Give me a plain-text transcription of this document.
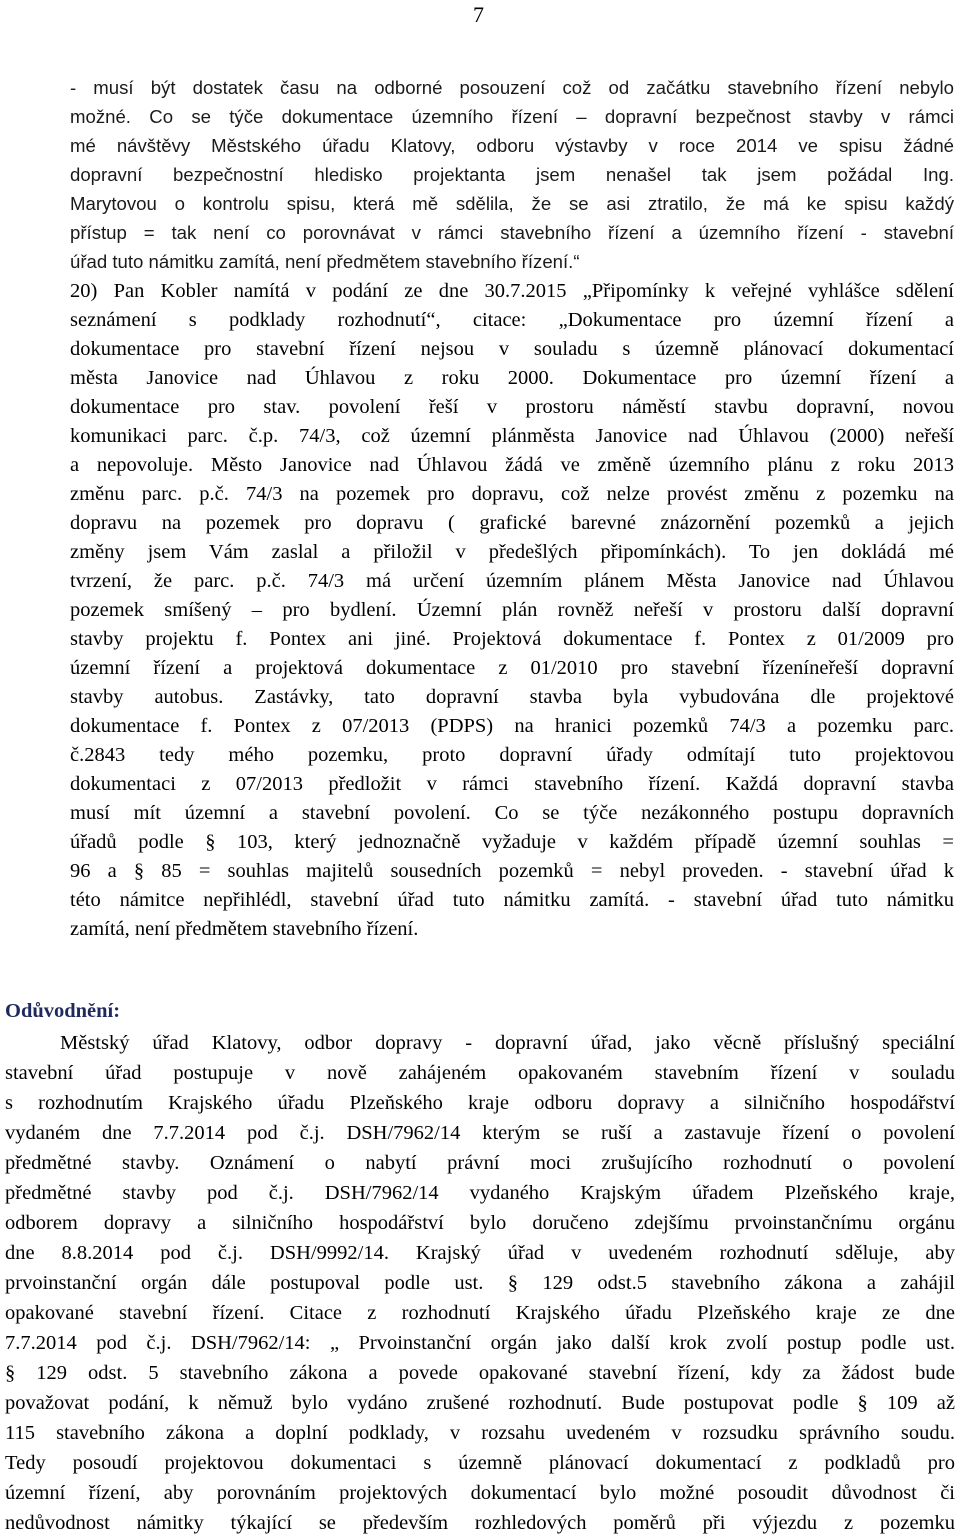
7
- musí být dostatek času na odborné posouzení což od začátku stavebního řízení nebylo
možné. Co se týče dokumentace územního řízení – dopravní bezpečnost stavby v rámci
mé návštěvy Městského úřadu Klatovy, odboru výstavby v roce 2014 ve spisu žádné
dopravní bezpečnostní hledisko projektanta jsem nenašel tak jsem požádal Ing.
Marytovou o kontrolu spisu, která mě sdělila, že se asi ztratilo, že má ke spisu každý
přístup = tak není co porovnávat v rámci stavebního řízení a územního řízení - stavební
úřad tuto námitku zamítá, není předmětem stavebního řízení.“
20) Pan Kobler namítá v podání ze dne 30.7.2015 „Připomínky k veřejné vyhlášce sdělení
seznámení s podklady rozhodnutí“, citace: „Dokumentace pro územní řízení a
dokumentace pro stavební řízení nejsou v souladu s územně plánovací dokumentací
města Janovice nad Úhlavou z roku 2000. Dokumentace pro územní řízení a
dokumentace pro stav. povolení řeší v prostoru náměstí stavbu dopravní, novou
komunikaci parc. č.p. 74/3, což územní plánměsta Janovice nad Úhlavou (2000) neřeší
a nepovoluje. Město Janovice nad Úhlavou žádá ve změně územního plánu z roku 2013
změnu parc. p.č. 74/3 na pozemek pro dopravu, což nelze provést změnu z pozemku na
dopravu na pozemek pro dopravu ( grafické barevné znázornění pozemků a jejich
změny jsem Vám zaslal a přiložil v předešlých připomínkách). To jen dokládá mé
tvrzení, že parc. p.č. 74/3 má určení územním plánem Města Janovice nad Úhlavou
pozemek smíšený – pro bydlení. Územní plán rovněž neřeší v prostoru další dopravní
stavby projektu f. Pontex ani jiné. Projektová dokumentace f. Pontex z 01/2009 pro
územní řízení a projektová dokumentace z 01/2010 pro stavební řízeníneřeší dopravní
stavby autobus. Zastávky, tato dopravní stavba byla vybudována dle projektové
dokumentace f. Pontex z 07/2013 (PDPS) na hranici pozemků 74/3 a pozemku parc.
č.2843 tedy mého pozemku, proto dopravní úřady odmítají tuto projektovou
dokumentaci z 07/2013 předložit v rámci stavebního řízení. Každá dopravní stavba
musí mít územní a stavební povolení. Co se týče nezákonného postupu dopravních
úřadů podle § 103, který jednoznačně vyžaduje v každém případě územní souhlas =
96 a § 85 = souhlas majitelů sousedních pozemků = nebyl proveden. - stavební úřad k
této námitce nepřihlédl, stavební úřad tuto námitku zamítá. - stavební úřad tuto námitku
zamítá, není předmětem stavebního řízení.
Odůvodnění:
Městský úřad Klatovy, odbor dopravy - dopravní úřad, jako věcně příslušný speciální
stavební úřad postupuje v nově zahájeném opakovaném stavebním řízení v souladu
s rozhodnutím Krajského úřadu Plzeňského kraje odboru dopravy a silničního hospodářství
vydaném dne 7.7.2014 pod č.j. DSH/7962/14 kterým se ruší a zastavuje řízení o povolení
předmětné stavby. Oznámení o nabytí právní moci zrušujícího rozhodnutí o povolení
předmětné stavby pod č.j. DSH/7962/14 vydaného Krajským úřadem Plzeňského kraje,
odborem dopravy a silničního hospodářství bylo doručeno zdejšímu prvoinstančnímu orgánu
dne 8.8.2014 pod č.j. DSH/9992/14. Krajský úřad v uvedeném rozhodnutí sděluje, aby
prvoinstanční orgán dále postupoval podle ust. § 129 odst.5 stavebního zákona a zahájil
opakované stavební řízení. Citace z rozhodnutí Krajského úřadu Plzeňského kraje ze dne
7.7.2014 pod č.j. DSH/7962/14: „ Prvoinstanční orgán jako další krok zvolí postup podle ust.
§ 129 odst. 5 stavebního zákona a povede opakované stavební řízení, kdy za žádost bude
považovat podání, k němuž bylo vydáno zrušené rozhodnutí. Bude postupovat podle § 109 až
115 stavebního zákona a doplní podklady, v rozsahu uvedeném v rozsudku správního soudu.
Tedy posoudí projektovou dokumentaci s územně plánovací dokumentací z podkladů pro
územní řízení, aby porovnáním projektových dokumentací bylo možné posoudit důvodnost či
nedůvodnost námitky týkající se především rozhledových poměrů při výjezdu z pozemku
